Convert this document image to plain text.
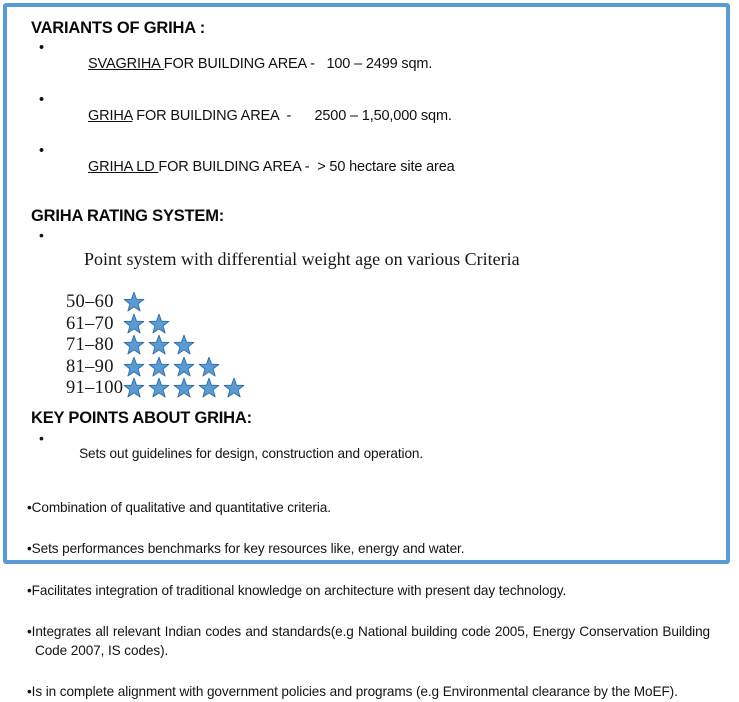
VARIANTS OF GRIHA :

•
SVAGRIHA FOR BUILDING AREA -   100 – 2499 sqm.

•
GRIHA FOR BUILDING AREA  -      2500 – 1,50,000 sqm.

•
GRIHA LD FOR BUILDING AREA -  > 50 hectare site area

GRIHA RATING SYSTEM:

•
Point system with differential weight age on various Criteria

50–60	

61–70	

71–80	

81–90	

91–100	
KEY POINTS ABOUT GRIHA:

•
Sets out guidelines for design, construction and operation.

•Combination of qualitative and quantitative criteria.

•Sets performances benchmarks for key resources like, energy and water.

•Facilitates integration of traditional knowledge on architecture with present day technology.

•Integrates all relevant Indian codes and standards(e.g National building code 2005, Energy Conservation Building Code 2007, IS codes).

•Is in complete alignment with government policies and programs (e.g Environmental clearance by the MoEF).
